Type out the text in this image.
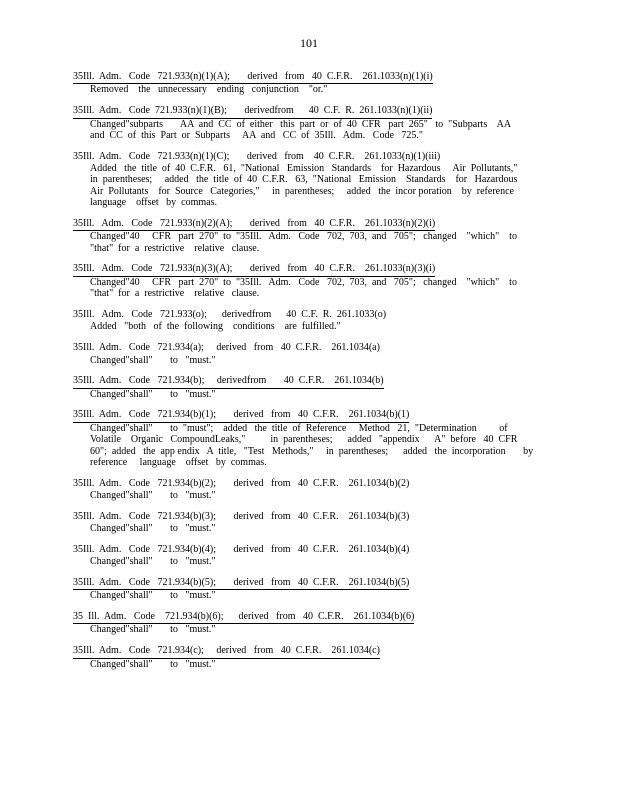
101
35Ill.  Adm.   Code   721.933(n)(1)(A);       derived   from   40  C.F.R.    261.1033(n)(1)(i)
Removed    the   unnecessary    ending   conjunction    "or."
35Ill.  Adm.   Code  721.933(n)(1)(B);       derivedfrom      40  C.F.  R.  261.1033(n)(1)(ii)
Changed"subparts       AA  and  CC  of  either   this  part  or  of  40  CFR   part  265"   to  "Subparts    AA
and  CC  of  this  Part  or  Subparts     AA  and   CC  of  35Ill.   Adm.   Code   725."
35Ill.  Adm.   Code   721.933(n)(1)(C);       derived   from    40  C.F.R.    261.1033(n)(1)(iii)
Added   the  title  of  40  C.F.R.   61,  "National   Emission   Standards    for  Hazardous     Air  Pollutants,"
in  parentheses;     added   the  title  of  40  C.F.R.   63,  "National   Emission    Standards    for   Hazardous
Air  Pollutants    for  Source   Categories,"     in  parentheses;     added   the  incor poration    by  reference
language    offset   by  commas.
35Ill.   Adm.   Code   721.933(n)(2)(A);       derived   from   40  C.F.R.    261.1033(n)(2)(i)
Changed"40     CFR   part  270"  to  "35Ill.   Adm.   Code   702,  703,  and   705";   changed    "which"    to
"that"  for  a  restrictive    relative   clause.
35Ill.   Adm.   Code   721.933(n)(3)(A);       derived   from   40  C.F.R.    261.1033(n)(3)(i)
Changed"40     CFR   part  270"  to  "35Ill.   Adm.   Code   702,  703,  and   705";   changed    "which"    to
"that"  for  a  restrictive    relative   clause.
35Ill.   Adm.   Code   721.933(o);      derivedfrom      40  C.F.  R.  261.1033(o)
Added   "both   of  the  following    conditions    are  fulfilled."
35Ill.  Adm.   Code   721.934(a);     derived   from   40  C.F.R.    261.1034(a)
Changed"shall"       to   "must."
35Ill.  Adm.   Code   721.934(b);     derivedfrom       40  C.F.R.    261.1034(b)
Changed"shall"       to   "must."
35Ill.  Adm.   Code   721.934(b)(1);       derived   from   40  C.F.R.    261.1034(b)(1)
Changed"shall"       to  "must";    added   the  title  of  Reference     Method   21,  "Determination         of
Volatile    Organic   CompoundLeaks,"          in  parentheses;      added   "appendix      A"  before   40  CFR
60";  added   the  app endix   A  title,   "Test   Methods,"     in  parentheses;      added   the  incorporation       by
reference     language    offset   by  commas.
35Ill.  Adm.   Code   721.934(b)(2);       derived   from   40  C.F.R.    261.1034(b)(2)
Changed"shall"       to   "must."
35Ill.  Adm.   Code   721.934(b)(3);       derived   from   40  C.F.R.    261.1034(b)(3)
Changed"shall"       to   "must."
35Ill.  Adm.   Code   721.934(b)(4);       derived   from   40  C.F.R.    261.1034(b)(4)
Changed"shall"       to   "must."
35Ill.  Adm.   Code   721.934(b)(5);       derived   from   40  C.F.R.    261.1034(b)(5)
Changed"shall"       to   "must."
35  Ill.  Adm.   Code    721.934(b)(6);      derived   from   40  C.F.R.    261.1034(b)(6)
Changed"shall"       to   "must."
35Ill.  Adm.   Code   721.934(c);     derived   from   40  C.F.R.    261.1034(c)
Changed"shall"       to   "must."
